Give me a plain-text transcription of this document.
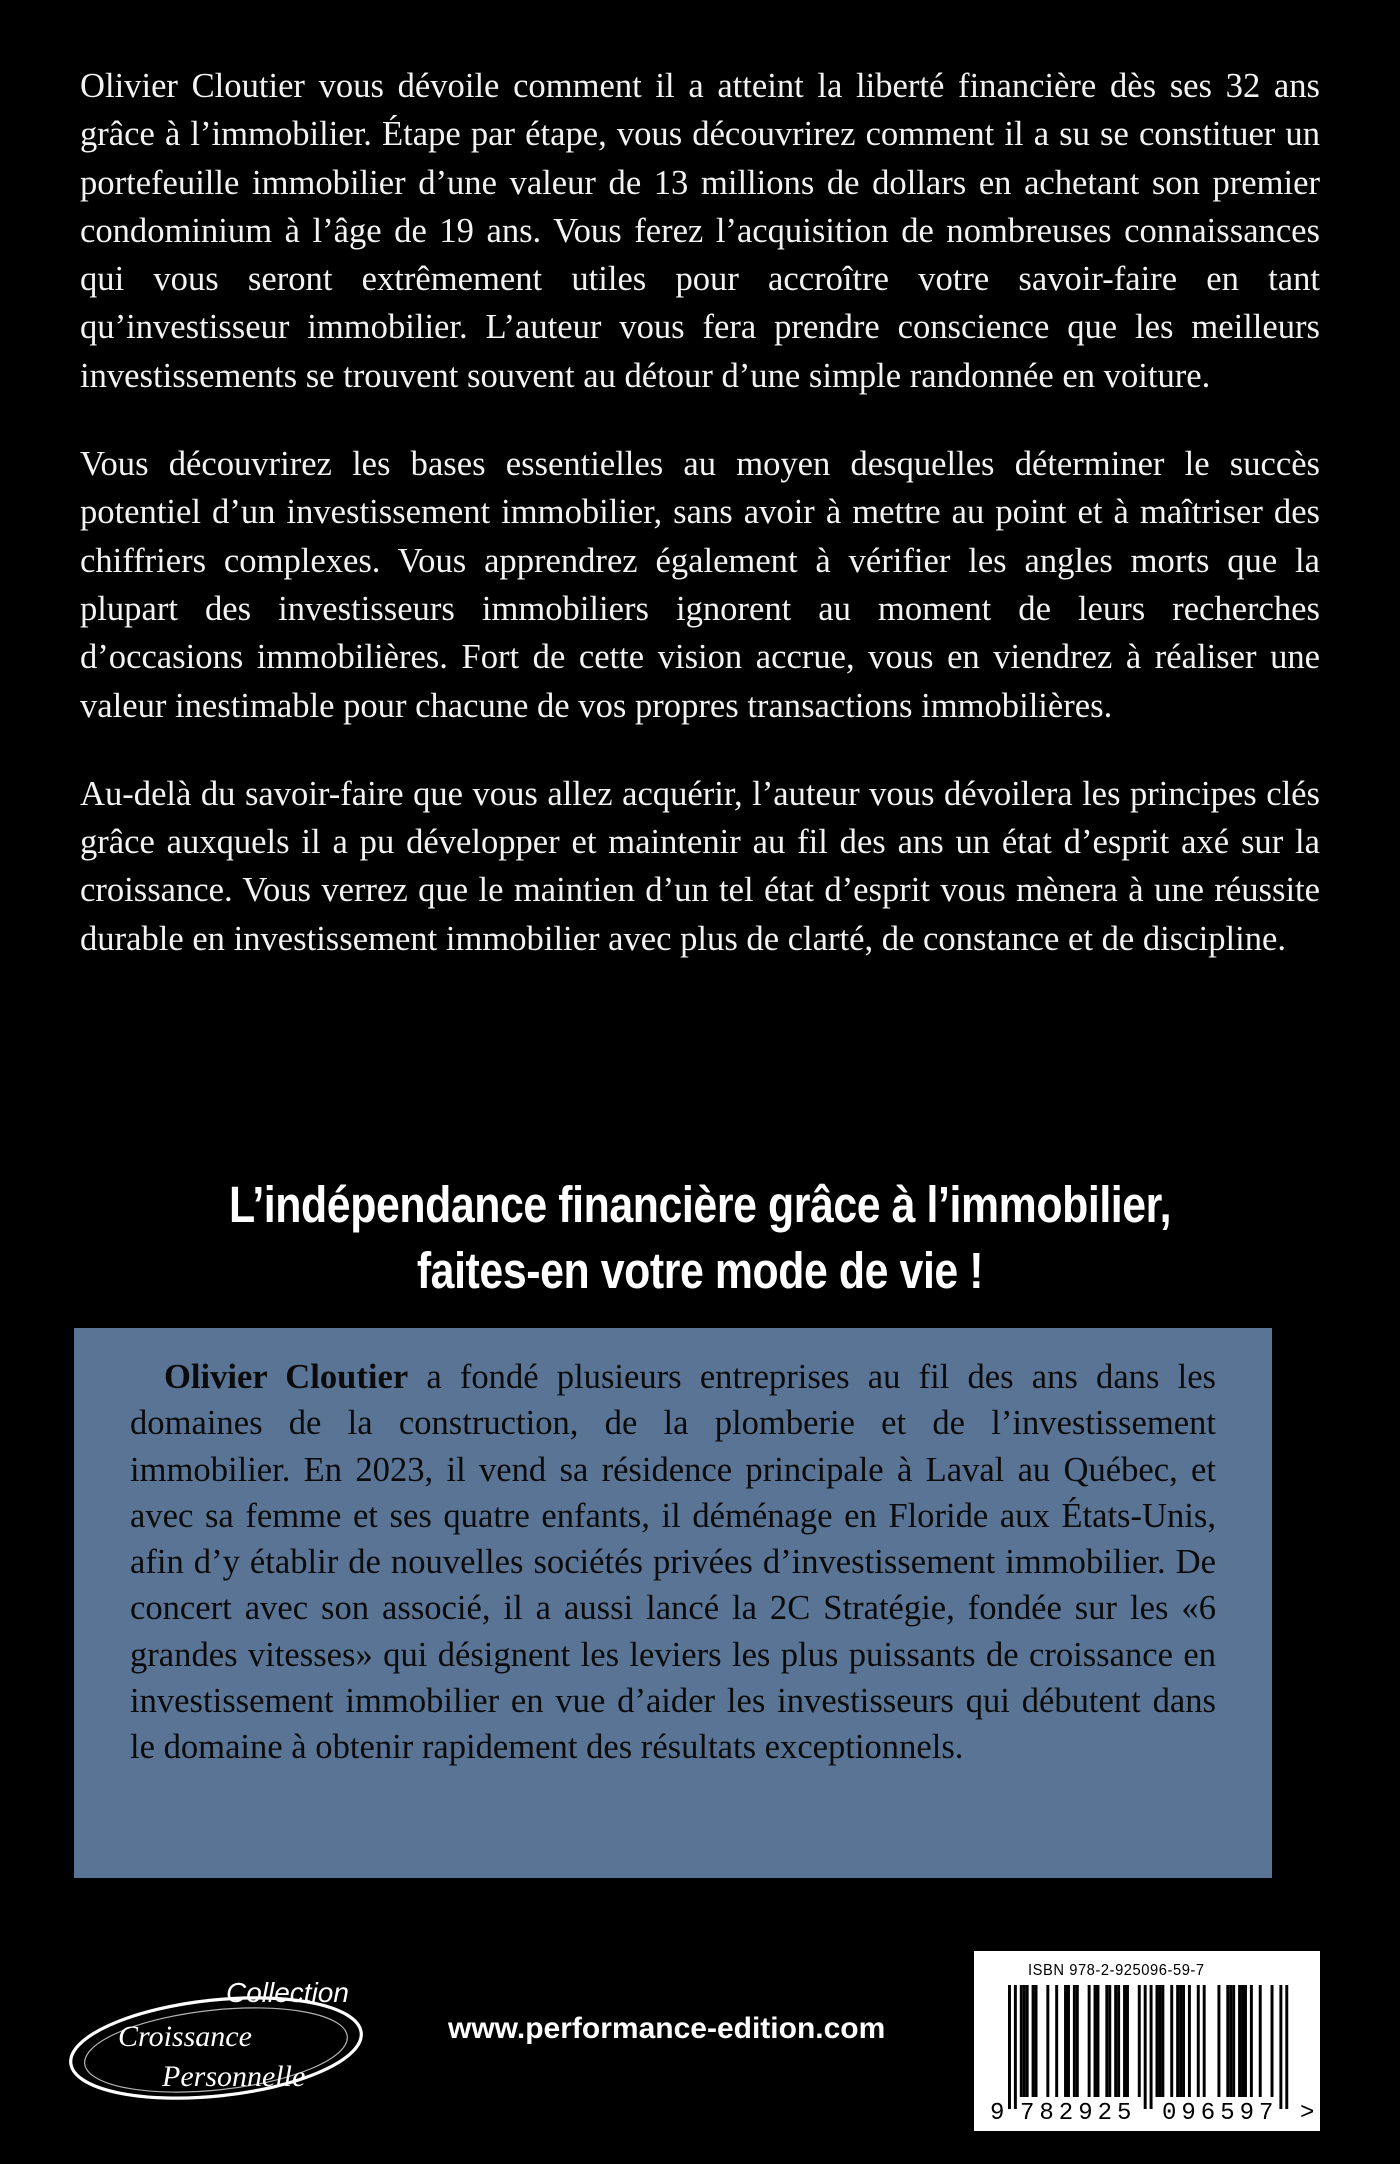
Olivier Cloutier vous dévoile comment il a atteint la liberté financière dès ses 32 ans grâce à l’immobilier. Étape par étape, vous découvrirez comment il a su se constituer un portefeuille immobilier d’une valeur de 13 millions de dollars en achetant son premier condominium à l’âge de 19 ans. Vous ferez l’acquisition de nombreuses connaissances qui vous seront extrêmement utiles pour accroître votre savoir-faire en tant qu’investisseur immobilier. L’auteur vous fera prendre conscience que les meilleurs investissements se trouvent souvent au détour d’une simple randonnée en voiture.

Vous découvrirez les bases essentielles au moyen desquelles déterminer le succès potentiel d’un investissement immobilier, sans avoir à mettre au point et à maîtriser des chiffriers complexes. Vous apprendrez également à vérifier les angles morts que la plupart des investisseurs immobiliers ignorent au moment de leurs recherches d’occasions immobilières. Fort de cette vision accrue, vous en viendrez à réaliser une valeur inestimable pour chacune de vos propres transactions immobilières.

Au-delà du savoir-faire que vous allez acquérir, l’auteur vous dévoilera les principes clés grâce auxquels il a pu développer et maintenir au fil des ans un état d’esprit axé sur la croissance. Vous verrez que le maintien d’un tel état d’esprit vous mènera à une réussite durable en investissement immobilier avec plus de clarté, de constance et de discipline.

L’indépendance financière grâce à l’immobilier,
faites-en votre mode de vie !

Olivier Cloutier a fondé plusieurs entreprises au fil des ans dans les domaines de la construction, de la plomberie et de l’investissement immobilier. En 2023, il vend sa résidence principale à Laval au Québec, et avec sa femme et ses quatre enfants, il déménage en Floride aux États-Unis, afin d’y établir de nouvelles sociétés privées d’investissement immobilier. De concert avec son associé, il a aussi lancé la 2C Stratégie, fondée sur les «6 grandes vitesses» qui désignent les leviers les plus puissants de croissance en investissement immobilier en vue d’aider les investisseurs qui débutent dans le domaine à obtenir rapidement des résultats exceptionnels.

Collection
Croissance
Personnelle
www.performance-edition.com
ISBN 978-2-925096-59-7
9 782925 096597 >
